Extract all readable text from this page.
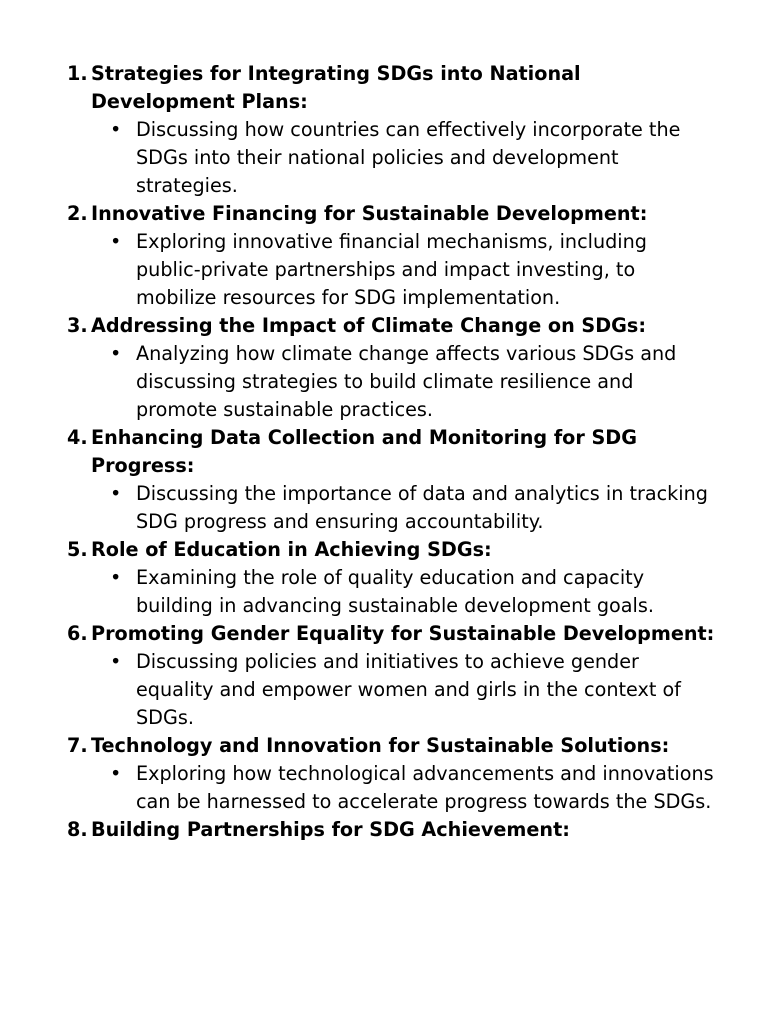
1. Strategies for Integrating SDGs into National Development Plans:
• Discussing how countries can effectively incorporate the SDGs into their national policies and development strategies.
2. Innovative Financing for Sustainable Development:
• Exploring innovative financial mechanisms, including public-private partnerships and impact investing, to mobilize resources for SDG implementation.
3. Addressing the Impact of Climate Change on SDGs:
• Analyzing how climate change affects various SDGs and discussing strategies to build climate resilience and promote sustainable practices.
4. Enhancing Data Collection and Monitoring for SDG Progress:
• Discussing the importance of data and analytics in tracking SDG progress and ensuring accountability.
5. Role of Education in Achieving SDGs:
• Examining the role of quality education and capacity building in advancing sustainable development goals.
6. Promoting Gender Equality for Sustainable Development:
• Discussing policies and initiatives to achieve gender equality and empower women and girls in the context of SDGs.
7. Technology and Innovation for Sustainable Solutions:
• Exploring how technological advancements and innovations can be harnessed to accelerate progress towards the SDGs.
8. Building Partnerships for SDG Achievement:
